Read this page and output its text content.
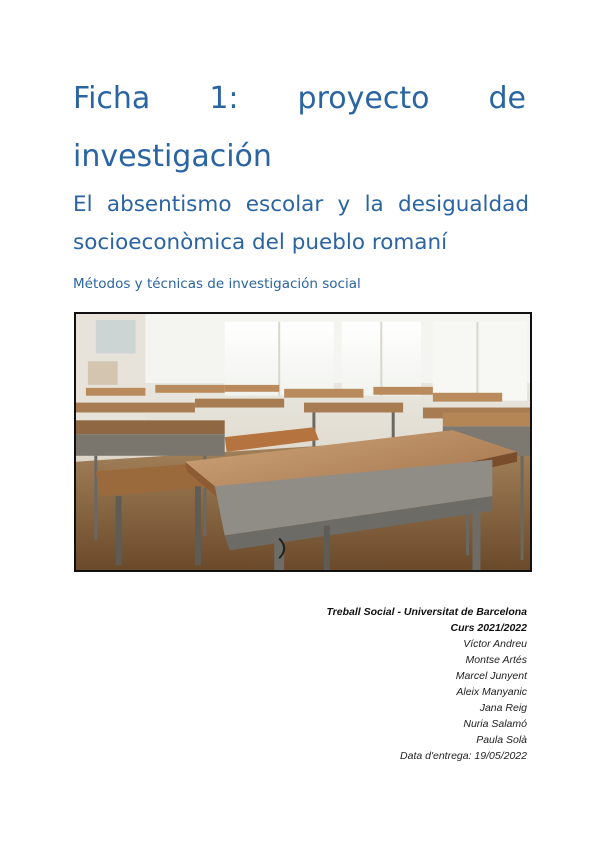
Ficha 1: proyecto de
investigación
El absentismo escolar y la desigualdad socioeconòmica del pueblo romaní

Métodos y técnicas de investigación social

Treball Social - Universitat de Barcelona
Curs 2021/2022
Víctor Andreu
Montse Artés
Marcel Junyent
Aleix Manyanic
Jana Reig
Nuria Salamó
Paula Solà
Data d'entrega: 19/05/2022
